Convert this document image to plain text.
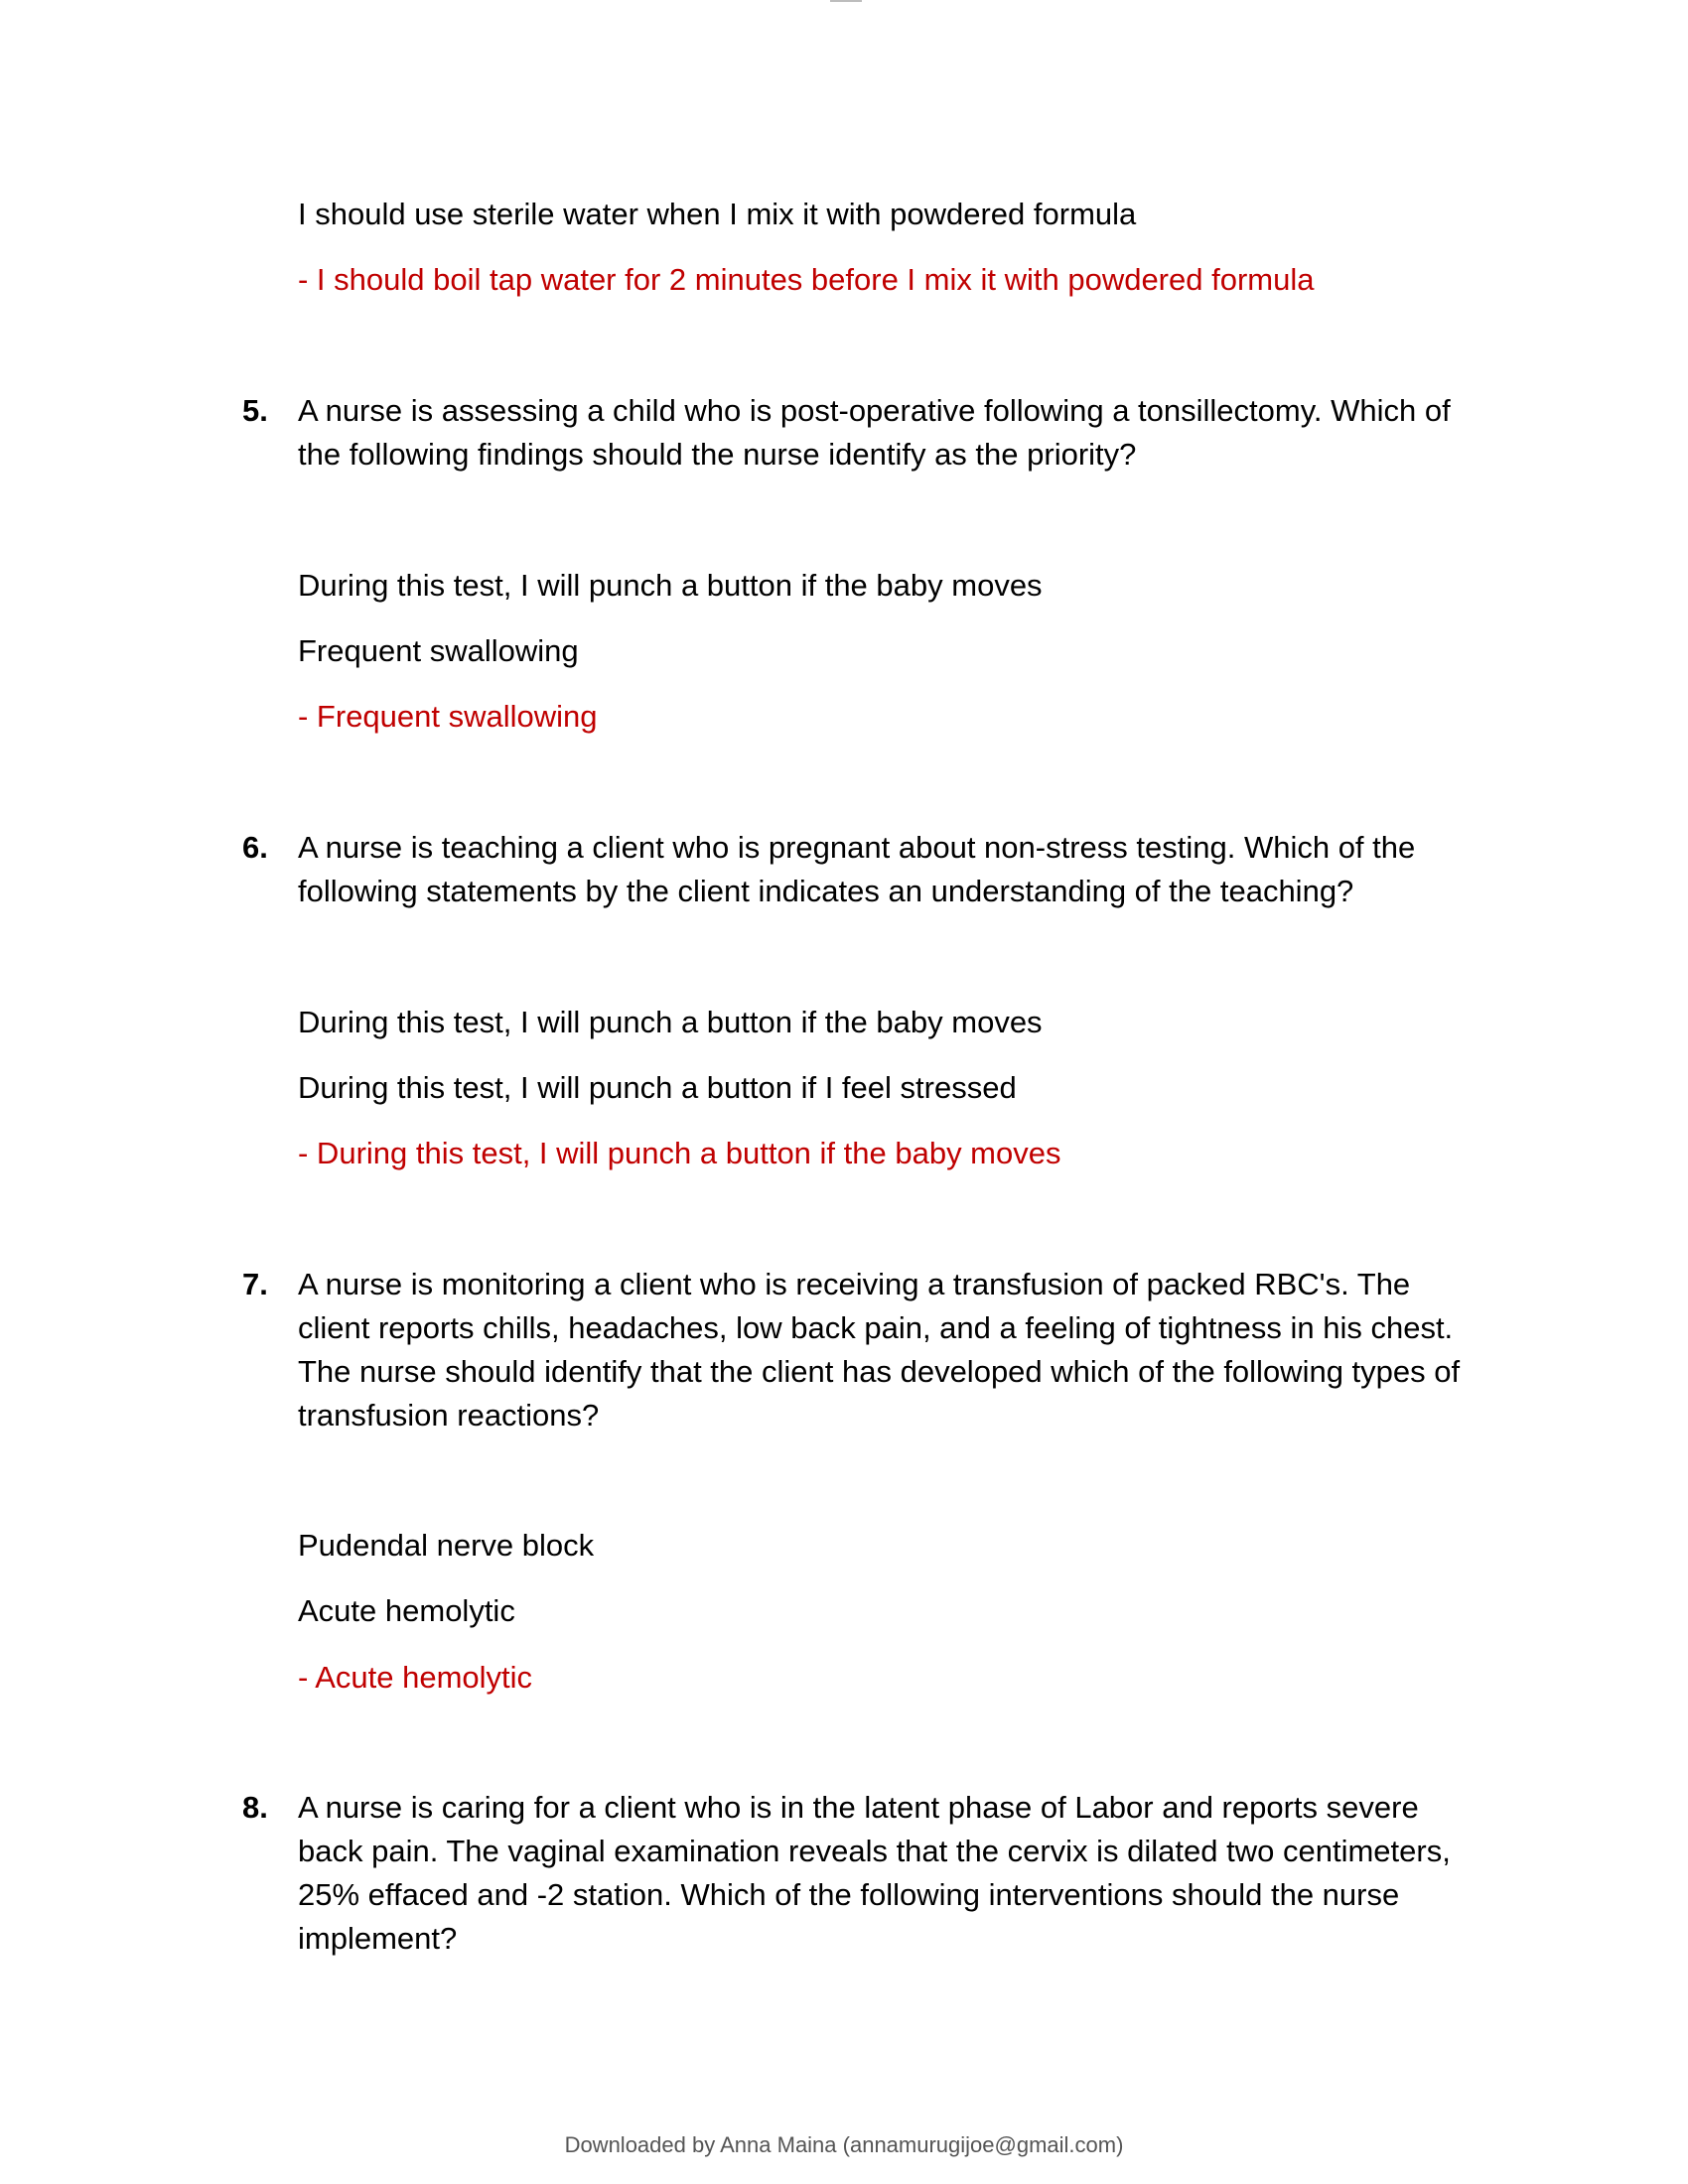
I should use sterile water when I mix it with powdered formula
- I should boil tap water for 2 minutes before I mix it with powdered formula
5. A nurse is assessing a child who is post-operative following a tonsillectomy. Which of the following findings should the nurse identify as the priority?
During this test, I will punch a button if the baby moves
Frequent swallowing
- Frequent swallowing
6. A nurse is teaching a client who is pregnant about non-stress testing. Which of the following statements by the client indicates an understanding of the teaching?
During this test, I will punch a button if the baby moves
During this test, I will punch a button if I feel stressed
- During this test, I will punch a button if the baby moves
7. A nurse is monitoring a client who is receiving a transfusion of packed RBC's. The client reports chills, headaches, low back pain, and a feeling of tightness in his chest. The nurse should identify that the client has developed which of the following types of transfusion reactions?
Pudendal nerve block
Acute hemolytic
- Acute hemolytic
8. A nurse is caring for a client who is in the latent phase of Labor and reports severe back pain. The vaginal examination reveals that the cervix is dilated two centimeters, 25% effaced and -2 station. Which of the following interventions should the nurse implement?
Downloaded by Anna Maina (annamurugijoe@gmail.com)
